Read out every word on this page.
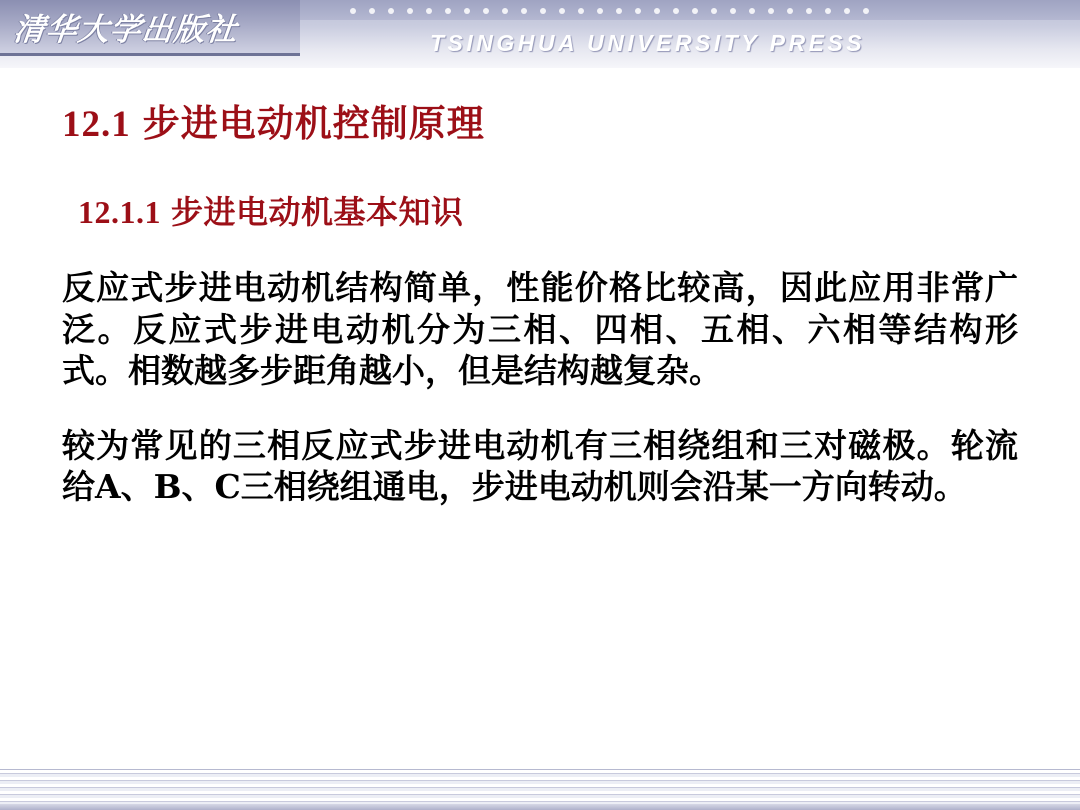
清华大学出版社	TSINGHUA UNIVERSITY PRESS
12.1 步进电动机控制原理
12.1.1 步进电动机基本知识

反应式步进电动机结构简单，性能价格比较高，因此应用非常广泛。反应式步进电动机分为三相、四相、五相、六相等结构形式。相数越多步距角越小，但是结构越复杂。

较为常见的三相反应式步进电动机有三相绕组和三对磁极。轮流给A、B、C三相绕组通电，步进电动机则会沿某一方向转动。
